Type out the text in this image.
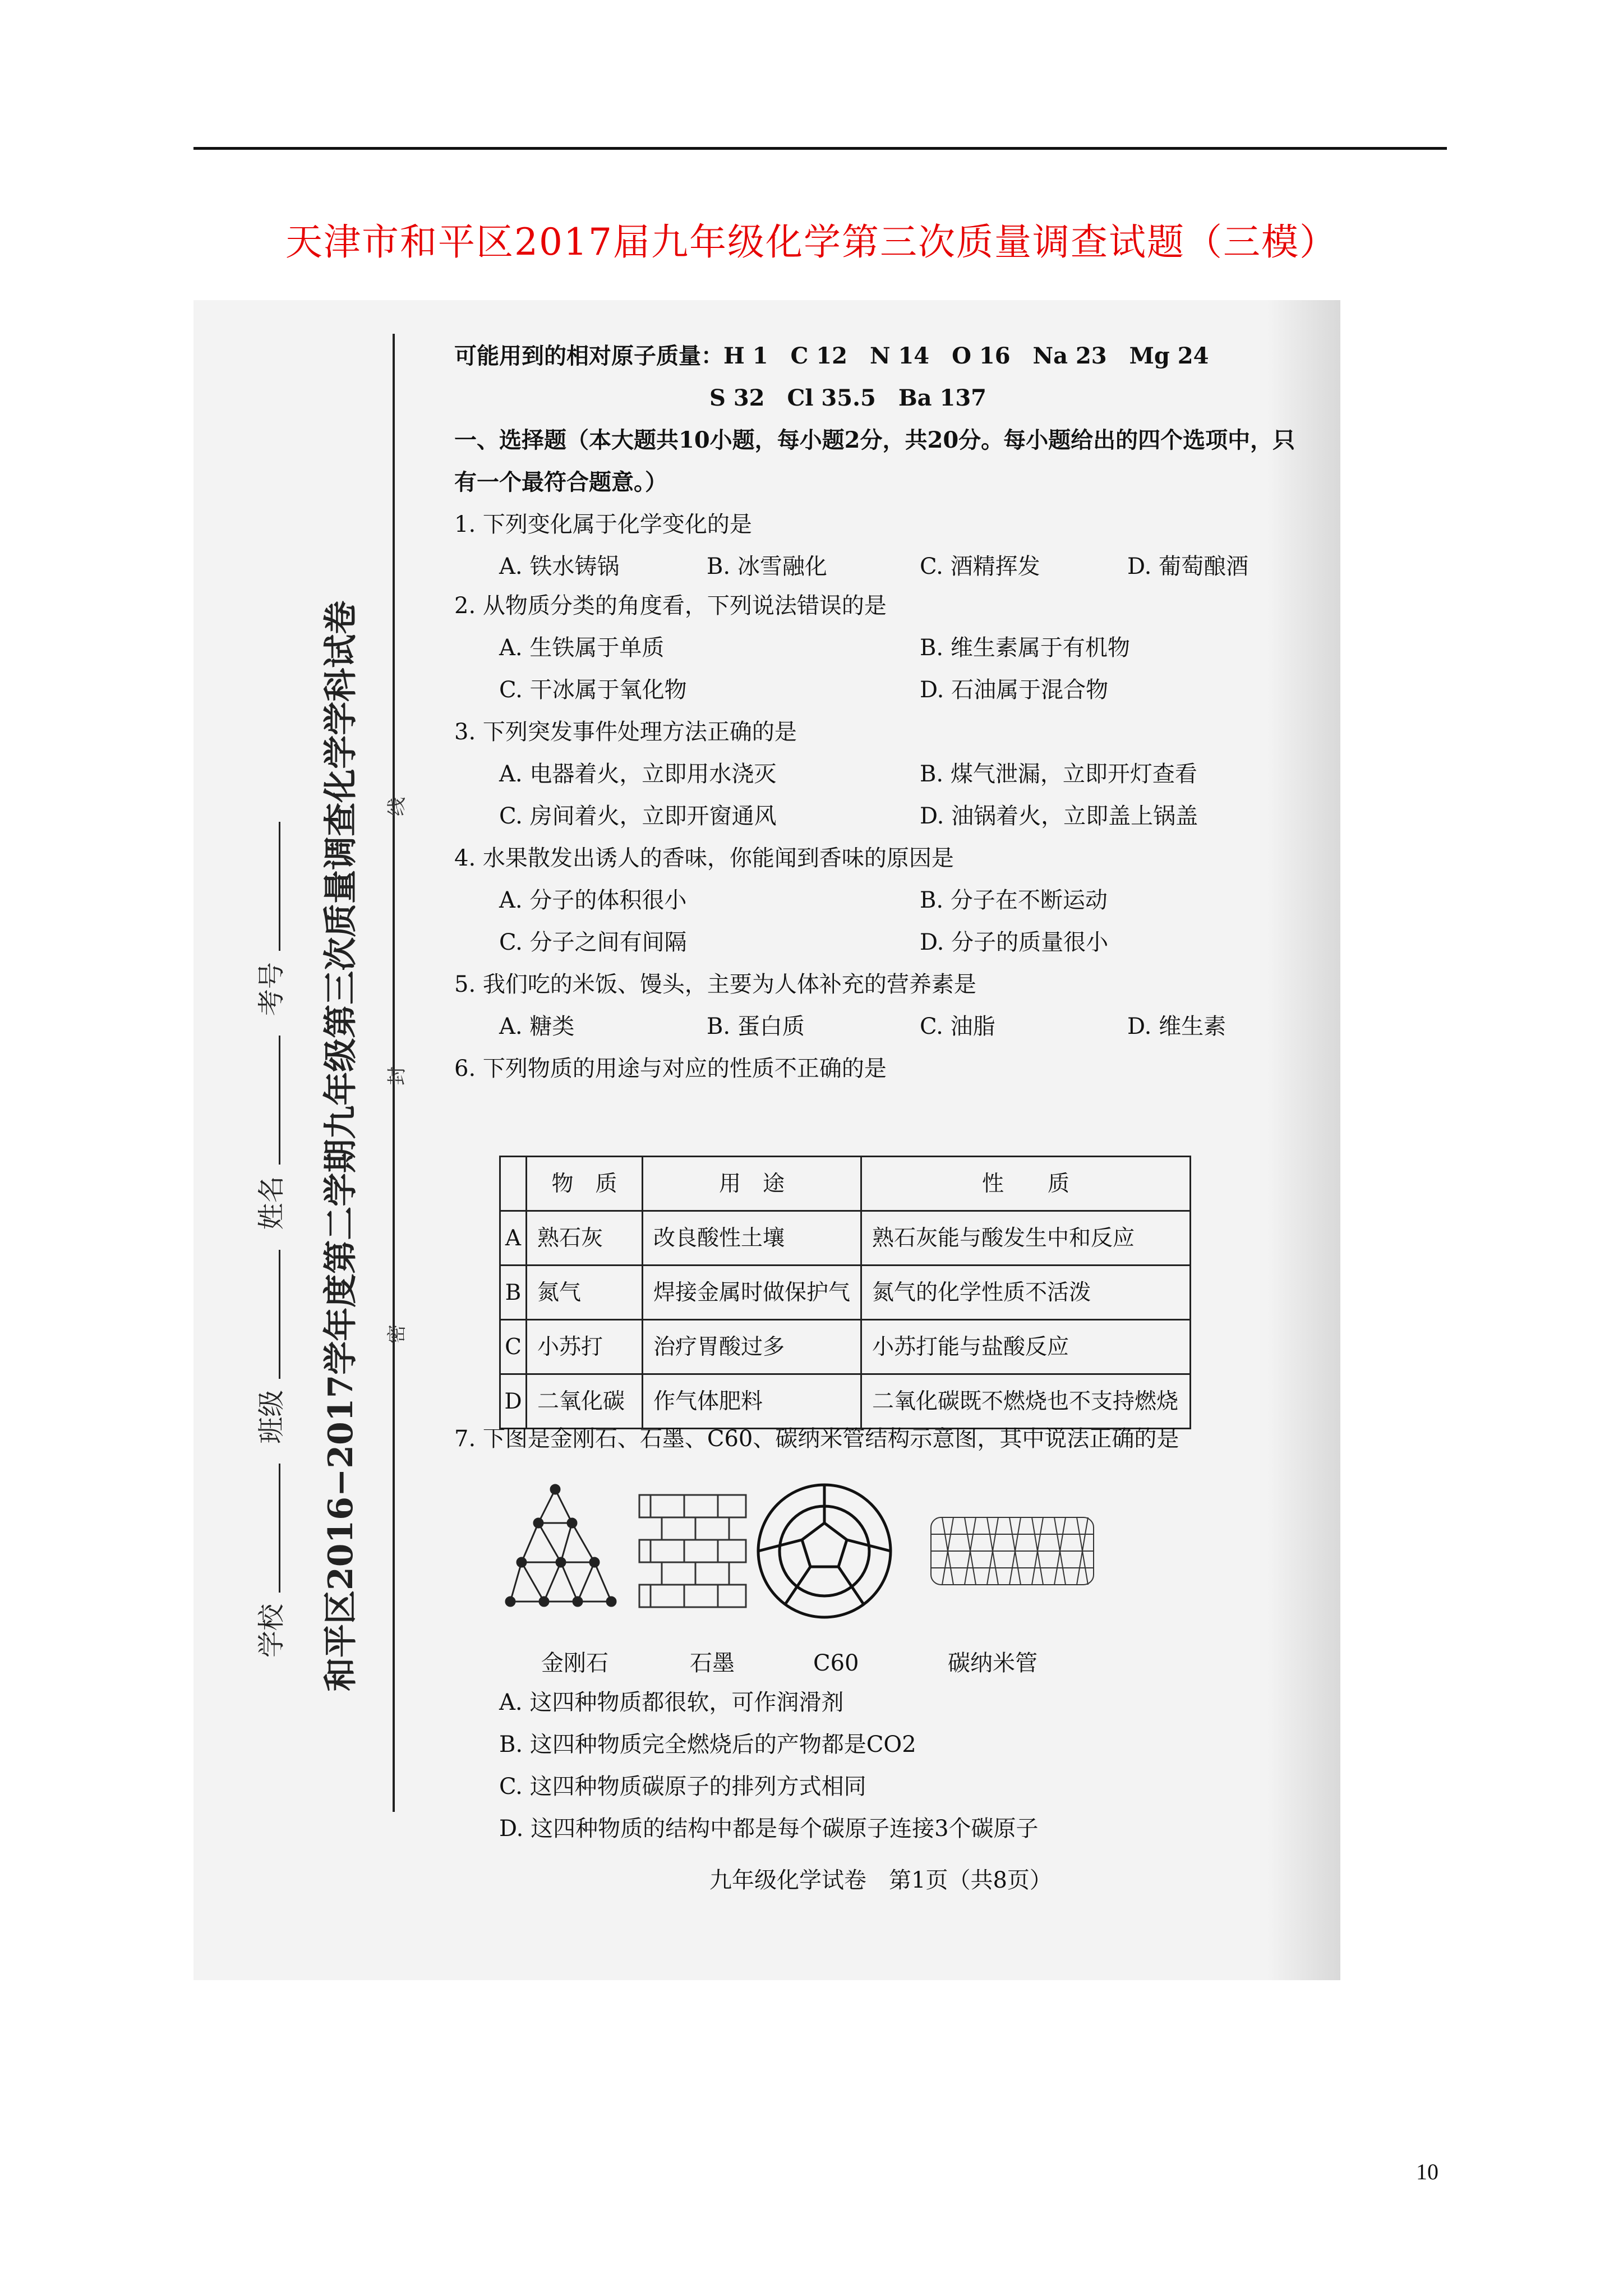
天津市和平区2017届九年级化学第三次质量调查试题（三模）
学校 班级 姓名 考号 和平区2016−2017学年度第二学期九年级第三次质量调查化学学科试卷 密
封
线
可能用到的相对原子质量：H 1　C 12　N 14　O 16　Na 23　Mg 24
S 32　Cl 35.5　Ba 137
一、选择题（本大题共10小题，每小题2分，共20分。每小题给出的四个选项中，只
有一个最符合题意。）
1. 下列变化属于化学变化的是
A. 铁水铸锅	B. 冰雪融化	C. 酒精挥发	D. 葡萄酿酒
2. 从物质分类的角度看，下列说法错误的是
A. 生铁属于单质	B. 维生素属于有机物
C. 干冰属于氧化物	D. 石油属于混合物
3. 下列突发事件处理方法正确的是
A. 电器着火，立即用水浇灭	B. 煤气泄漏，立即开灯查看
C. 房间着火，立即开窗通风	D. 油锅着火，立即盖上锅盖
4. 水果散发出诱人的香味，你能闻到香味的原因是
A. 分子的体积很小	B. 分子在不断运动
C. 分子之间有间隔	D. 分子的质量很小
5. 我们吃的米饭、馒头，主要为人体补充的营养素是
A. 糖类	B. 蛋白质	C. 油脂	D. 维生素
6. 下列物质的用途与对应的性质不正确的是
	物　质	用　途	性　　质
A	熟石灰	改良酸性土壤	熟石灰能与酸发生中和反应
B	氮气	焊接金属时做保护气	氮气的化学性质不活泼
C	小苏打	治疗胃酸过多	小苏打能与盐酸反应
D	二氧化碳	作气体肥料	二氧化碳既不燃烧也不支持燃烧
7. 下图是金刚石、石墨、C60、碳纳米管结构示意图，其中说法正确的是
金刚石	石墨	C60	碳纳米管
A. 这四种物质都很软，可作润滑剂
B. 这四种物质完全燃烧后的产物都是CO2
C. 这四种物质碳原子的排列方式相同
D. 这四种物质的结构中都是每个碳原子连接3个碳原子
九年级化学试卷　第1页（共8页）
10
